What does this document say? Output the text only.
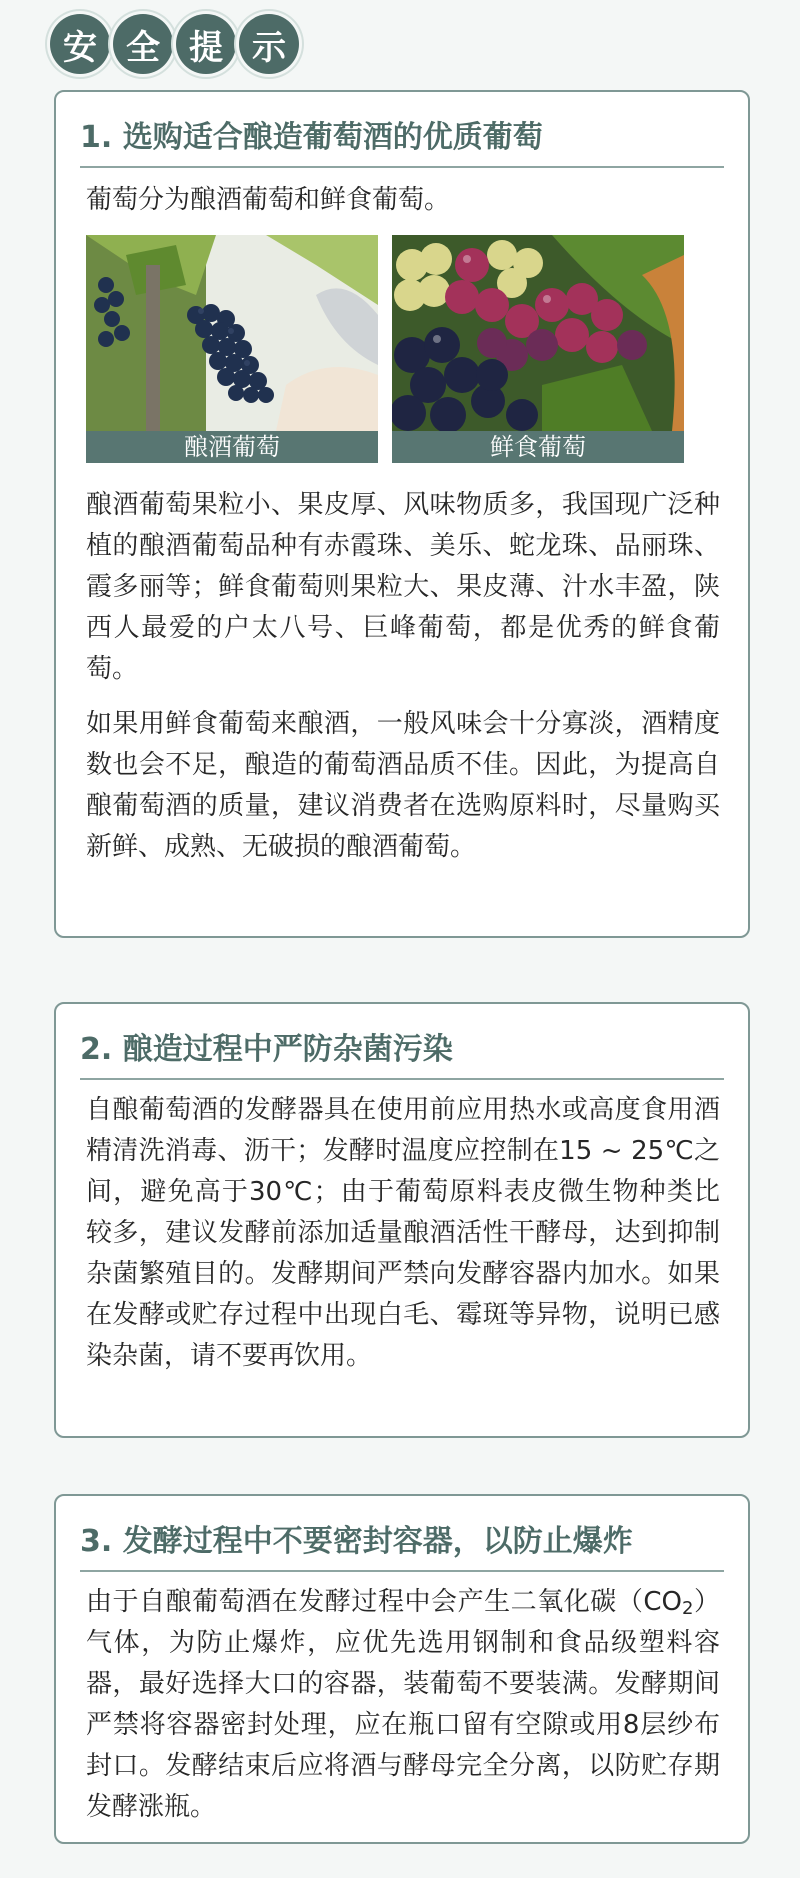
安 全 提 示
1. 选购适合酿造葡萄酒的优质葡萄

葡萄分为酿酒葡萄和鲜食葡萄。

酿酒葡萄	鲜食葡萄

酿酒葡萄果粒小、果皮厚、风味物质多，我国现广泛种植的酿酒葡萄品种有赤霞珠、美乐、蛇龙珠、品丽珠、霞多丽等；鲜食葡萄则果粒大、果皮薄、汁水丰盈，陕西人最爱的户太八号、巨峰葡萄，都是优秀的鲜食葡萄。

如果用鲜食葡萄来酿酒，一般风味会十分寡淡，酒精度数也会不足，酿造的葡萄酒品质不佳。因此，为提高自酿葡萄酒的质量，建议消费者在选购原料时，尽量购买新鲜、成熟、无破损的酿酒葡萄。

2. 酿造过程中严防杂菌污染

自酿葡萄酒的发酵器具在使用前应用热水或高度食用酒精清洗消毒、沥干；发酵时温度应控制在15 ~ 25℃之间，避免高于30℃；由于葡萄原料表皮微生物种类比较多，建议发酵前添加适量酿酒活性干酵母，达到抑制杂菌繁殖目的。发酵期间严禁向发酵容器内加水。如果在发酵或贮存过程中出现白毛、霉斑等异物，说明已感染杂菌，请不要再饮用。

3. 发酵过程中不要密封容器，以防止爆炸

由于自酿葡萄酒在发酵过程中会产生二氧化碳$(CO_2)$气体，为防止爆炸，应优先选用钢制和食品级塑料容器，最好选择大口的容器，装葡萄不要装满。发酵期间严禁将容器密封处理，应在瓶口留有空隙或用8层纱布封口。发酵结束后应将酒与酵母完全分离，以防贮存期发酵涨瓶。
